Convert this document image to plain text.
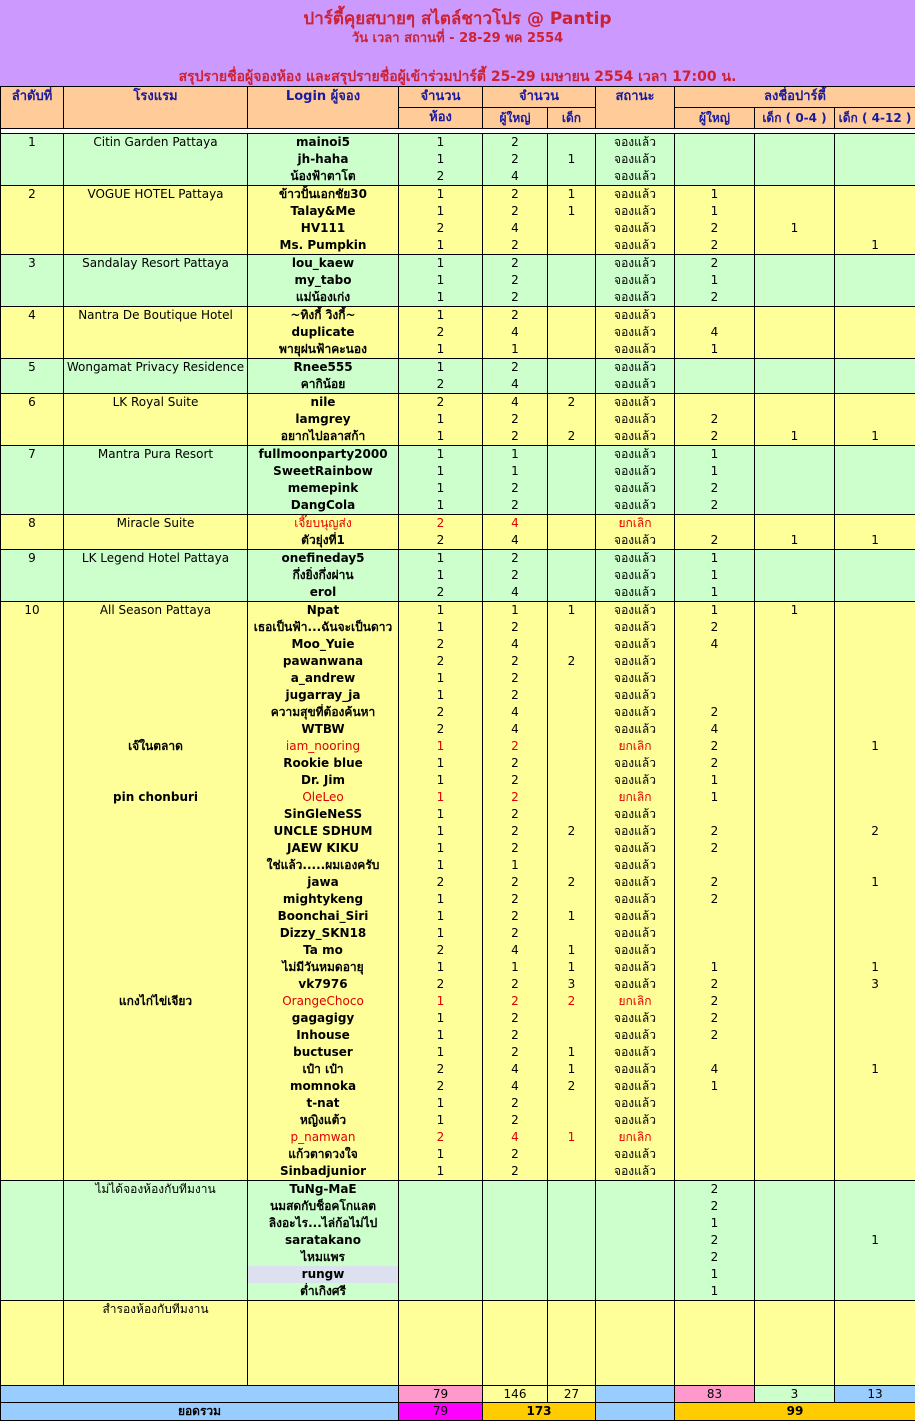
ปาร์ตี้คุยสบายๆ สไตล์ชาวโปร @ Pantip
วัน เวลา สถานที่ - 28-29 พค 2554
สรุปรายชื่อผู้จองห้อง และสรุปรายชื่อผู้เข้าร่วมปาร์ตี้ 25-29 เมษายน 2554 เวลา 17:00 น.
ลำดับที่	โรงแรม	Login ผู้จอง	จำนวน	จำนวน		สถานะ	ลงชื่อปาร์ตี้		
			ห้อง	ผู้ใหญ่	เด็ก		ผู้ใหญ่	เด็ก ( 0-4 )	เด็ก ( 4-12 )

1	Citin Garden Pattaya	mainoi5	1	2		จองแล้ว			
		jh-haha	1	2	1	จองแล้ว			
		น้องฟ้าตาโต	2	4		จองแล้ว			
2	VOGUE HOTEL Pattaya	ข้าวปั้นเอกชัย30	1	2	1	จองแล้ว	1		
		Talay&Me	1	2	1	จองแล้ว	1		
		HV111	2	4		จองแล้ว	2	1	
		Ms. Pumpkin	1	2		จองแล้ว	2		1
3	Sandalay Resort Pattaya	lou_kaew	1	2		จองแล้ว	2		
		my_tabo	1	2		จองแล้ว	1		
		แม่น้องเก่ง	1	2		จองแล้ว	2		
4	Nantra De Boutique Hotel	~ทิงกี้ วิงกี้~	1	2		จองแล้ว			
		duplicate	2	4		จองแล้ว	4		
		พายุฝนฟ้าคะนอง	1	1		จองแล้ว	1		
5	Wongamat Privacy Residence	Rnee555	1	2		จองแล้ว			
		คากิน้อย	2	4		จองแล้ว			
6	LK Royal Suite	nile	2	4	2	จองแล้ว			
		lamgrey	1	2		จองแล้ว	2		
		อยากไปอลาสก้า	1	2	2	จองแล้ว	2	1	1
7	Mantra Pura Resort	fullmoonparty2000	1	1		จองแล้ว	1		
		SweetRainbow	1	1		จองแล้ว	1		
		memepink	1	2		จองแล้ว	2		
		DangCola	1	2		จองแล้ว	2		
8	Miracle Suite	เจี๊ยบนุญส่ง	2	4		ยกเลิก			
		ตัวยุ่งที่1	2	4		จองแล้ว	2	1	1
9	LK Legend Hotel Pattaya	onefineday5	1	2		จองแล้ว	1		
		กึ่งยิ่งกึ่งผ่าน	1	2		จองแล้ว	1		
		erol	2	4		จองแล้ว	1		
10	All Season Pattaya	Npat	1	1	1	จองแล้ว	1	1	
		เธอเป็นฟ้า...ฉันจะเป็นดาว	1	2		จองแล้ว	2		
		Moo_Yuie	2	4		จองแล้ว	4		
		pawanwana	2	2	2	จองแล้ว			
		a_andrew	1	2		จองแล้ว			
		jugarray_ja	1	2		จองแล้ว			
		ความสุขที่ต้องค้นหา	2	4		จองแล้ว	2		
		WTBW	2	4		จองแล้ว	4		
	เจ๊ในตลาด	iam_nooring	1	2		ยกเลิก	2		1
		Rookie blue	1	2		จองแล้ว	2		
		Dr. Jim	1	2		จองแล้ว	1		
	pin chonburi	OleLeo	1	2		ยกเลิก	1		
		SinGleNeSS	1	2		จองแล้ว			
		UNCLE SDHUM	1	2	2	จองแล้ว	2		2
		JAEW KIKU	1	2		จองแล้ว	2		
		ใช่แล้ว.....ผมเองครับ	1	1		จองแล้ว			
		jawa	2	2	2	จองแล้ว	2		1
		mightykeng	1	2		จองแล้ว	2		
		Boonchai_Siri	1	2	1	จองแล้ว			
		Dizzy_SKN18	1	2		จองแล้ว			
		Ta mo	2	4	1	จองแล้ว			
		ไม่มีวันหมดอายุ	1	1	1	จองแล้ว	1		1
		vk7976	2	2	3	จองแล้ว	2		3
	แกงไก่ไข่เจียว	OrangeChoco	1	2	2	ยกเลิก	2		
		gagagigy	1	2		จองแล้ว	2		
		Inhouse	1	2		จองแล้ว	2		
		buctuser	1	2	1	จองแล้ว			
		เป๋า เป๋า	2	4	1	จองแล้ว	4		1
		momnoka	2	4	2	จองแล้ว	1		
		t-nat	1	2		จองแล้ว			
		หญิงแต้ว	1	2		จองแล้ว			
		p_namwan	2	4	1	ยกเลิก			
		แก้วตาดวงใจ	1	2		จองแล้ว			
		Sinbadjunior	1	2		จองแล้ว			
	ไม่ได้จองห้องกับทีมงาน	TuNg-MaE					2		
		นมสดกับช็อคโกแลต					2		
		ลิงอะไร...ไล่ก้อไม่ไป					1		
		saratakano					2		1
		ไหมแพร					2		
		rungw					1		
		ต่ำเกิงศรี					1		
	สำรองห้องกับทีมงาน								
			79	146	27		83	3	13
ยอดรวม			79	173			99		
